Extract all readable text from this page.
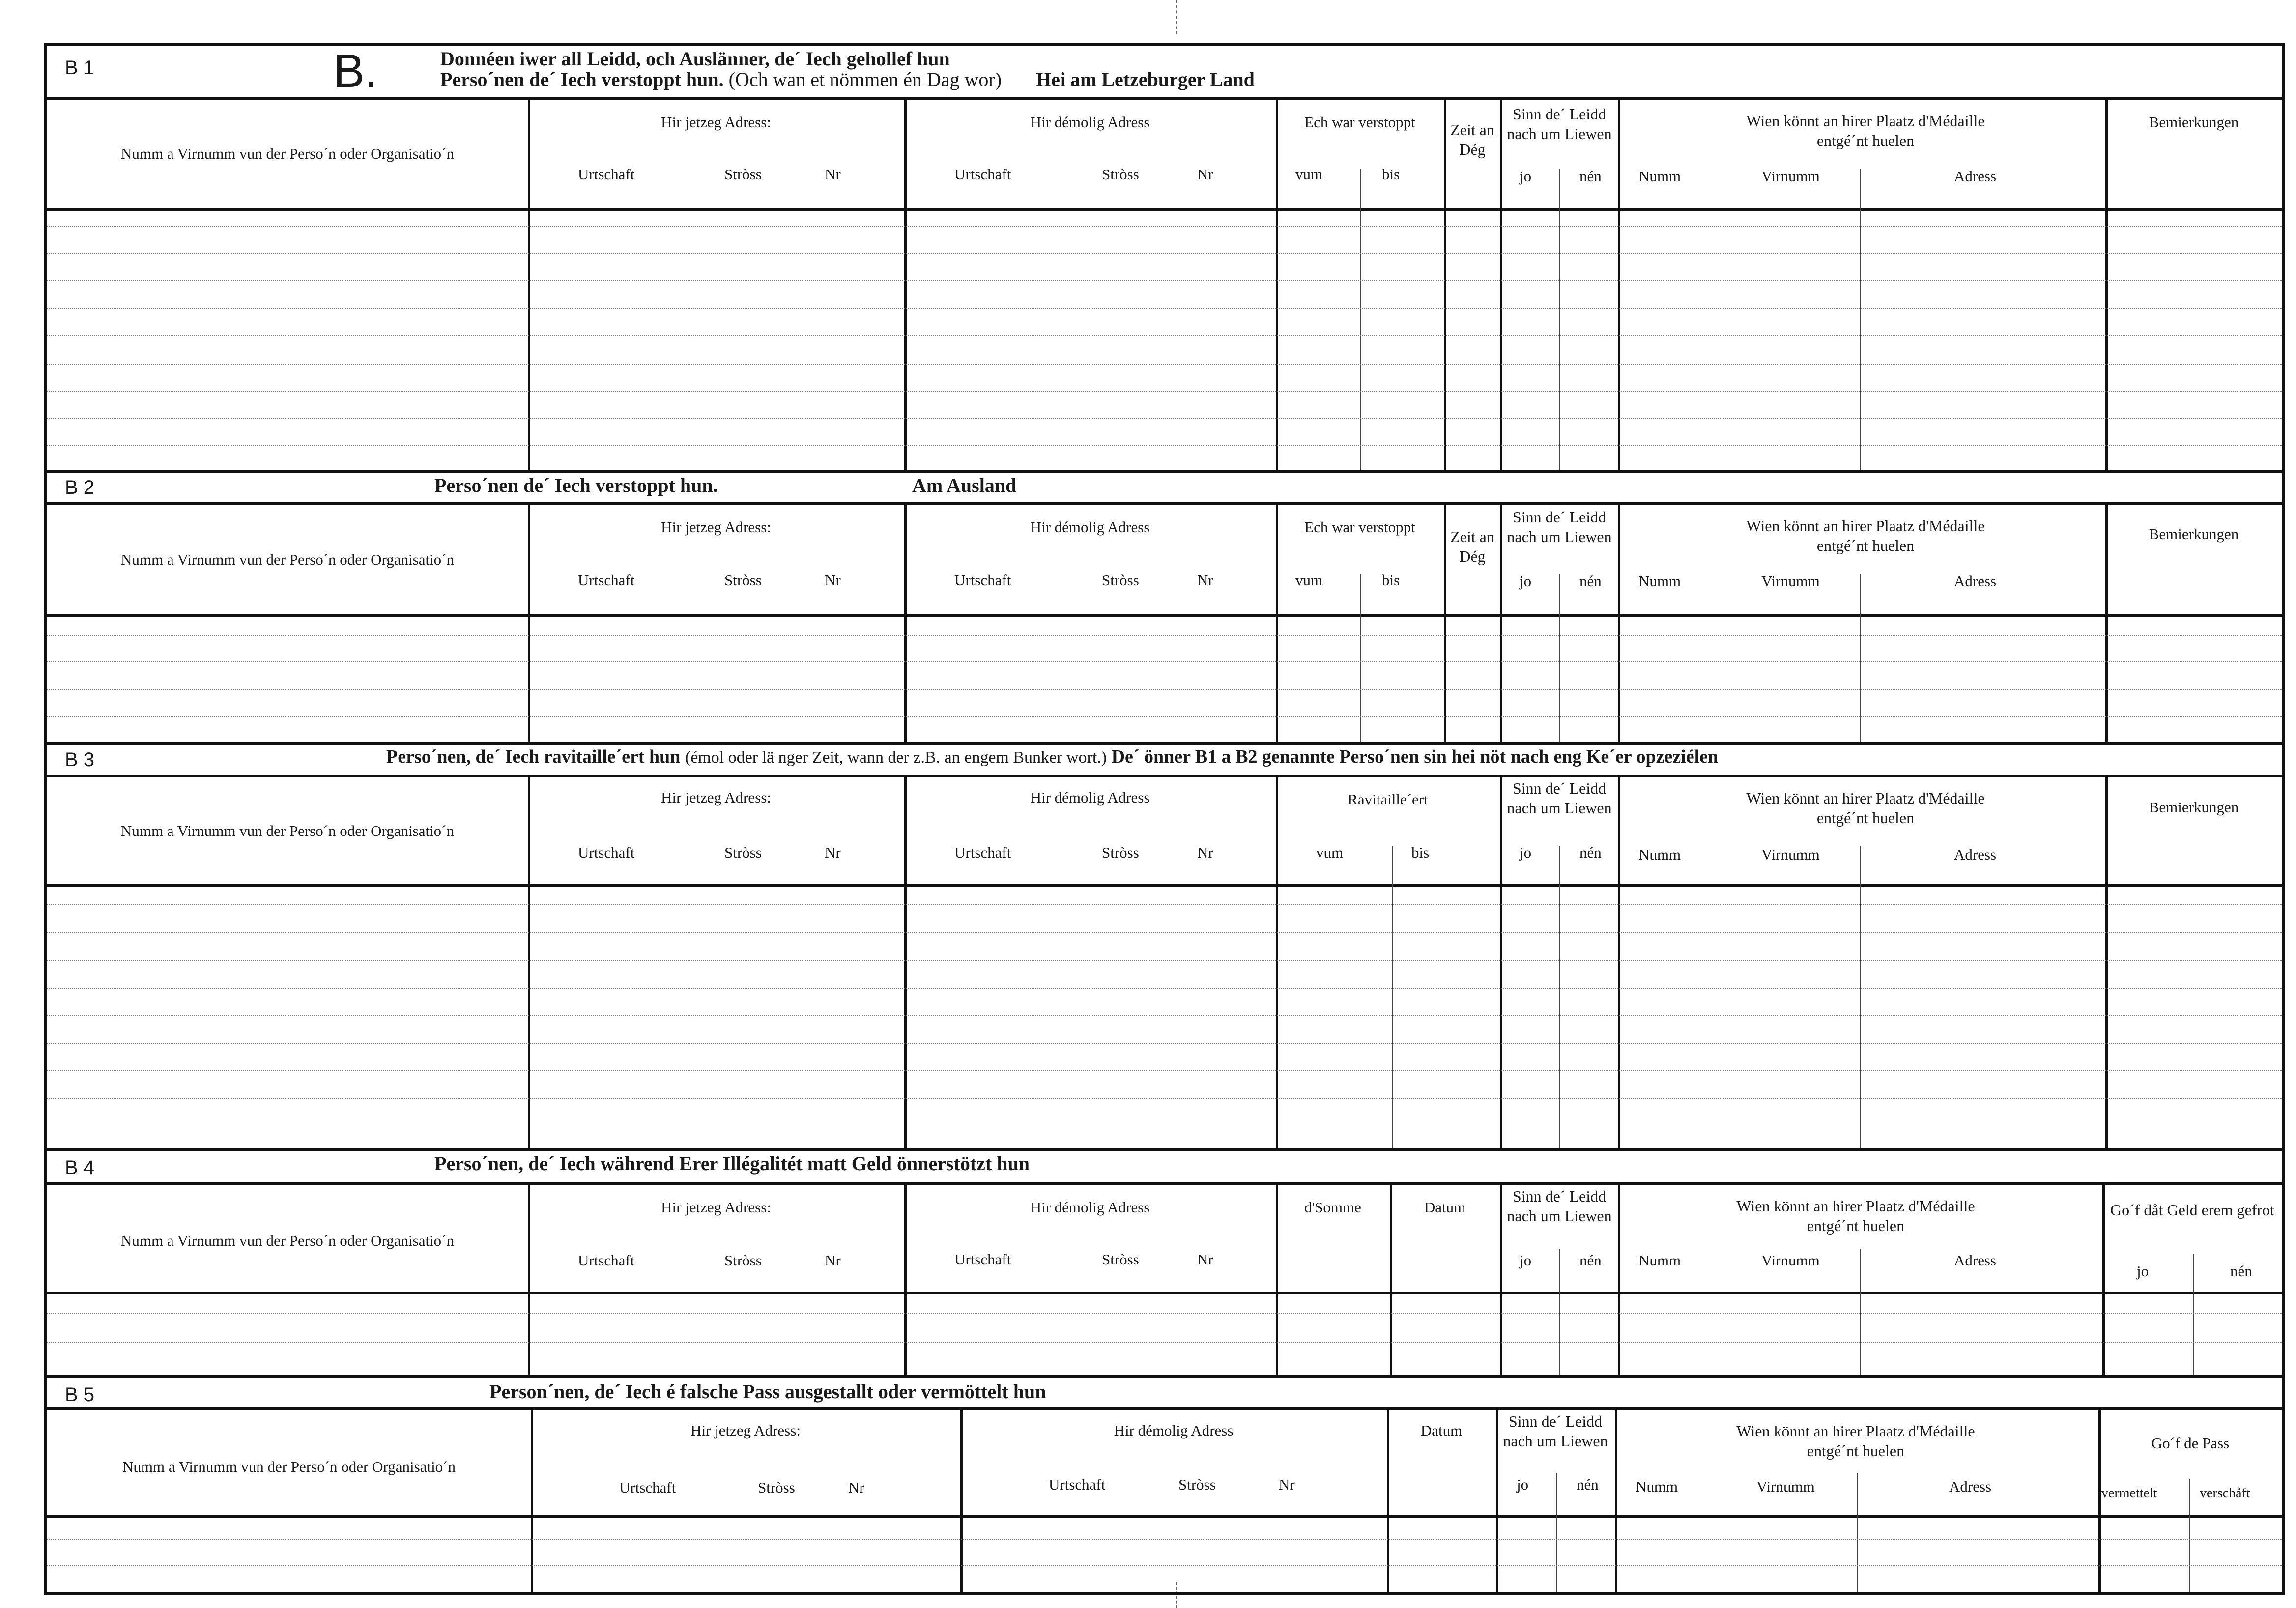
B.
B 1	Donnéen iwer all Leidd, och Auslänner, de´ Iech gehollef hun
Perso´nen de´ Iech verstoppt hun. (Och wan et nömmen én Dag wor) Hei am Letzeburger Land
Numm a Virnumm vun der Perso´n oder Organisatio´n
Hir jetzeg Adress:
Urtschaft	Stròss	Nr
Hir démolig Adress
Urtschaft	Stròss	Nr
Ech war verstoppt
vum	bis
Zeit an Dég
Sinn de´ Leidd nach um Liewen
jo	nén
Wien könnt an hirer Plaatz d'Médaille entgé´nt huelen
Numm	Virnumm	Adress
Bemierkungen
B 2	Perso´nen de´ Iech verstoppt hun.	Am Ausland
Numm a Virnumm vun der Perso´n oder Organisatio´n
Hir jetzeg Adress:
Urtschaft	Stròss	Nr
Hir démolig Adress
Urtschaft	Stròss	Nr
Ech war verstoppt
vum	bis
Zeit an Dég
Sinn de´ Leidd nach um Liewen
jo	nén
Wien könnt an hirer Plaatz d'Médaille entgé´nt huelen
Numm	Virnumm	Adress
Bemierkungen
B 3	Perso´nen, de´ Iech ravitaille´ert hun (émol oder lä nger Zeit, wann der z.B. an engem Bunker wort.) De´ önner B1 a B2 genannte Perso´nen sin hei nöt nach eng Ke´er opzeziélen
Numm a Virnumm vun der Perso´n oder Organisatio´n
Hir jetzeg Adress:
Urtschaft	Stròss	Nr
Hir démolig Adress
Urtschaft	Stròss	Nr
Ravitaille´ert
vum	bis
Sinn de´ Leidd nach um Liewen
jo	nén
Wien könnt an hirer Plaatz d'Médaille entgé´nt huelen
Numm	Virnumm	Adress
Bemierkungen
B 4	Perso´nen, de´ Iech während Erer Illégalitét matt Geld önnerstötzt hun
Numm a Virnumm vun der Perso´n oder Organisatio´n
Hir jetzeg Adress:
Urtschaft	Stròss	Nr
Hir démolig Adress
Urtschaft	Stròss	Nr
d'Somme	Datum
Sinn de´ Leidd nach um Liewen
jo	nén
Wien könnt an hirer Plaatz d'Médaille entgé´nt huelen
Numm	Virnumm	Adress
Go´f dåt Geld erem gefrot
jo	nén
B 5	Person´nen, de´ Iech é falsche Pass ausgestallt oder vermöttelt hun
Numm a Virnumm vun der Perso´n oder Organisatio´n
Hir jetzeg Adress:
Urtschaft	Stròss	Nr
Hir démolig Adress
Urtschaft	Stròss	Nr
Datum
Sinn de´ Leidd nach um Liewen
jo	nén
Wien könnt an hirer Plaatz d'Médaille entgé´nt huelen
Numm	Virnumm	Adress
Go´f de Pass
vermettelt	verschåft
